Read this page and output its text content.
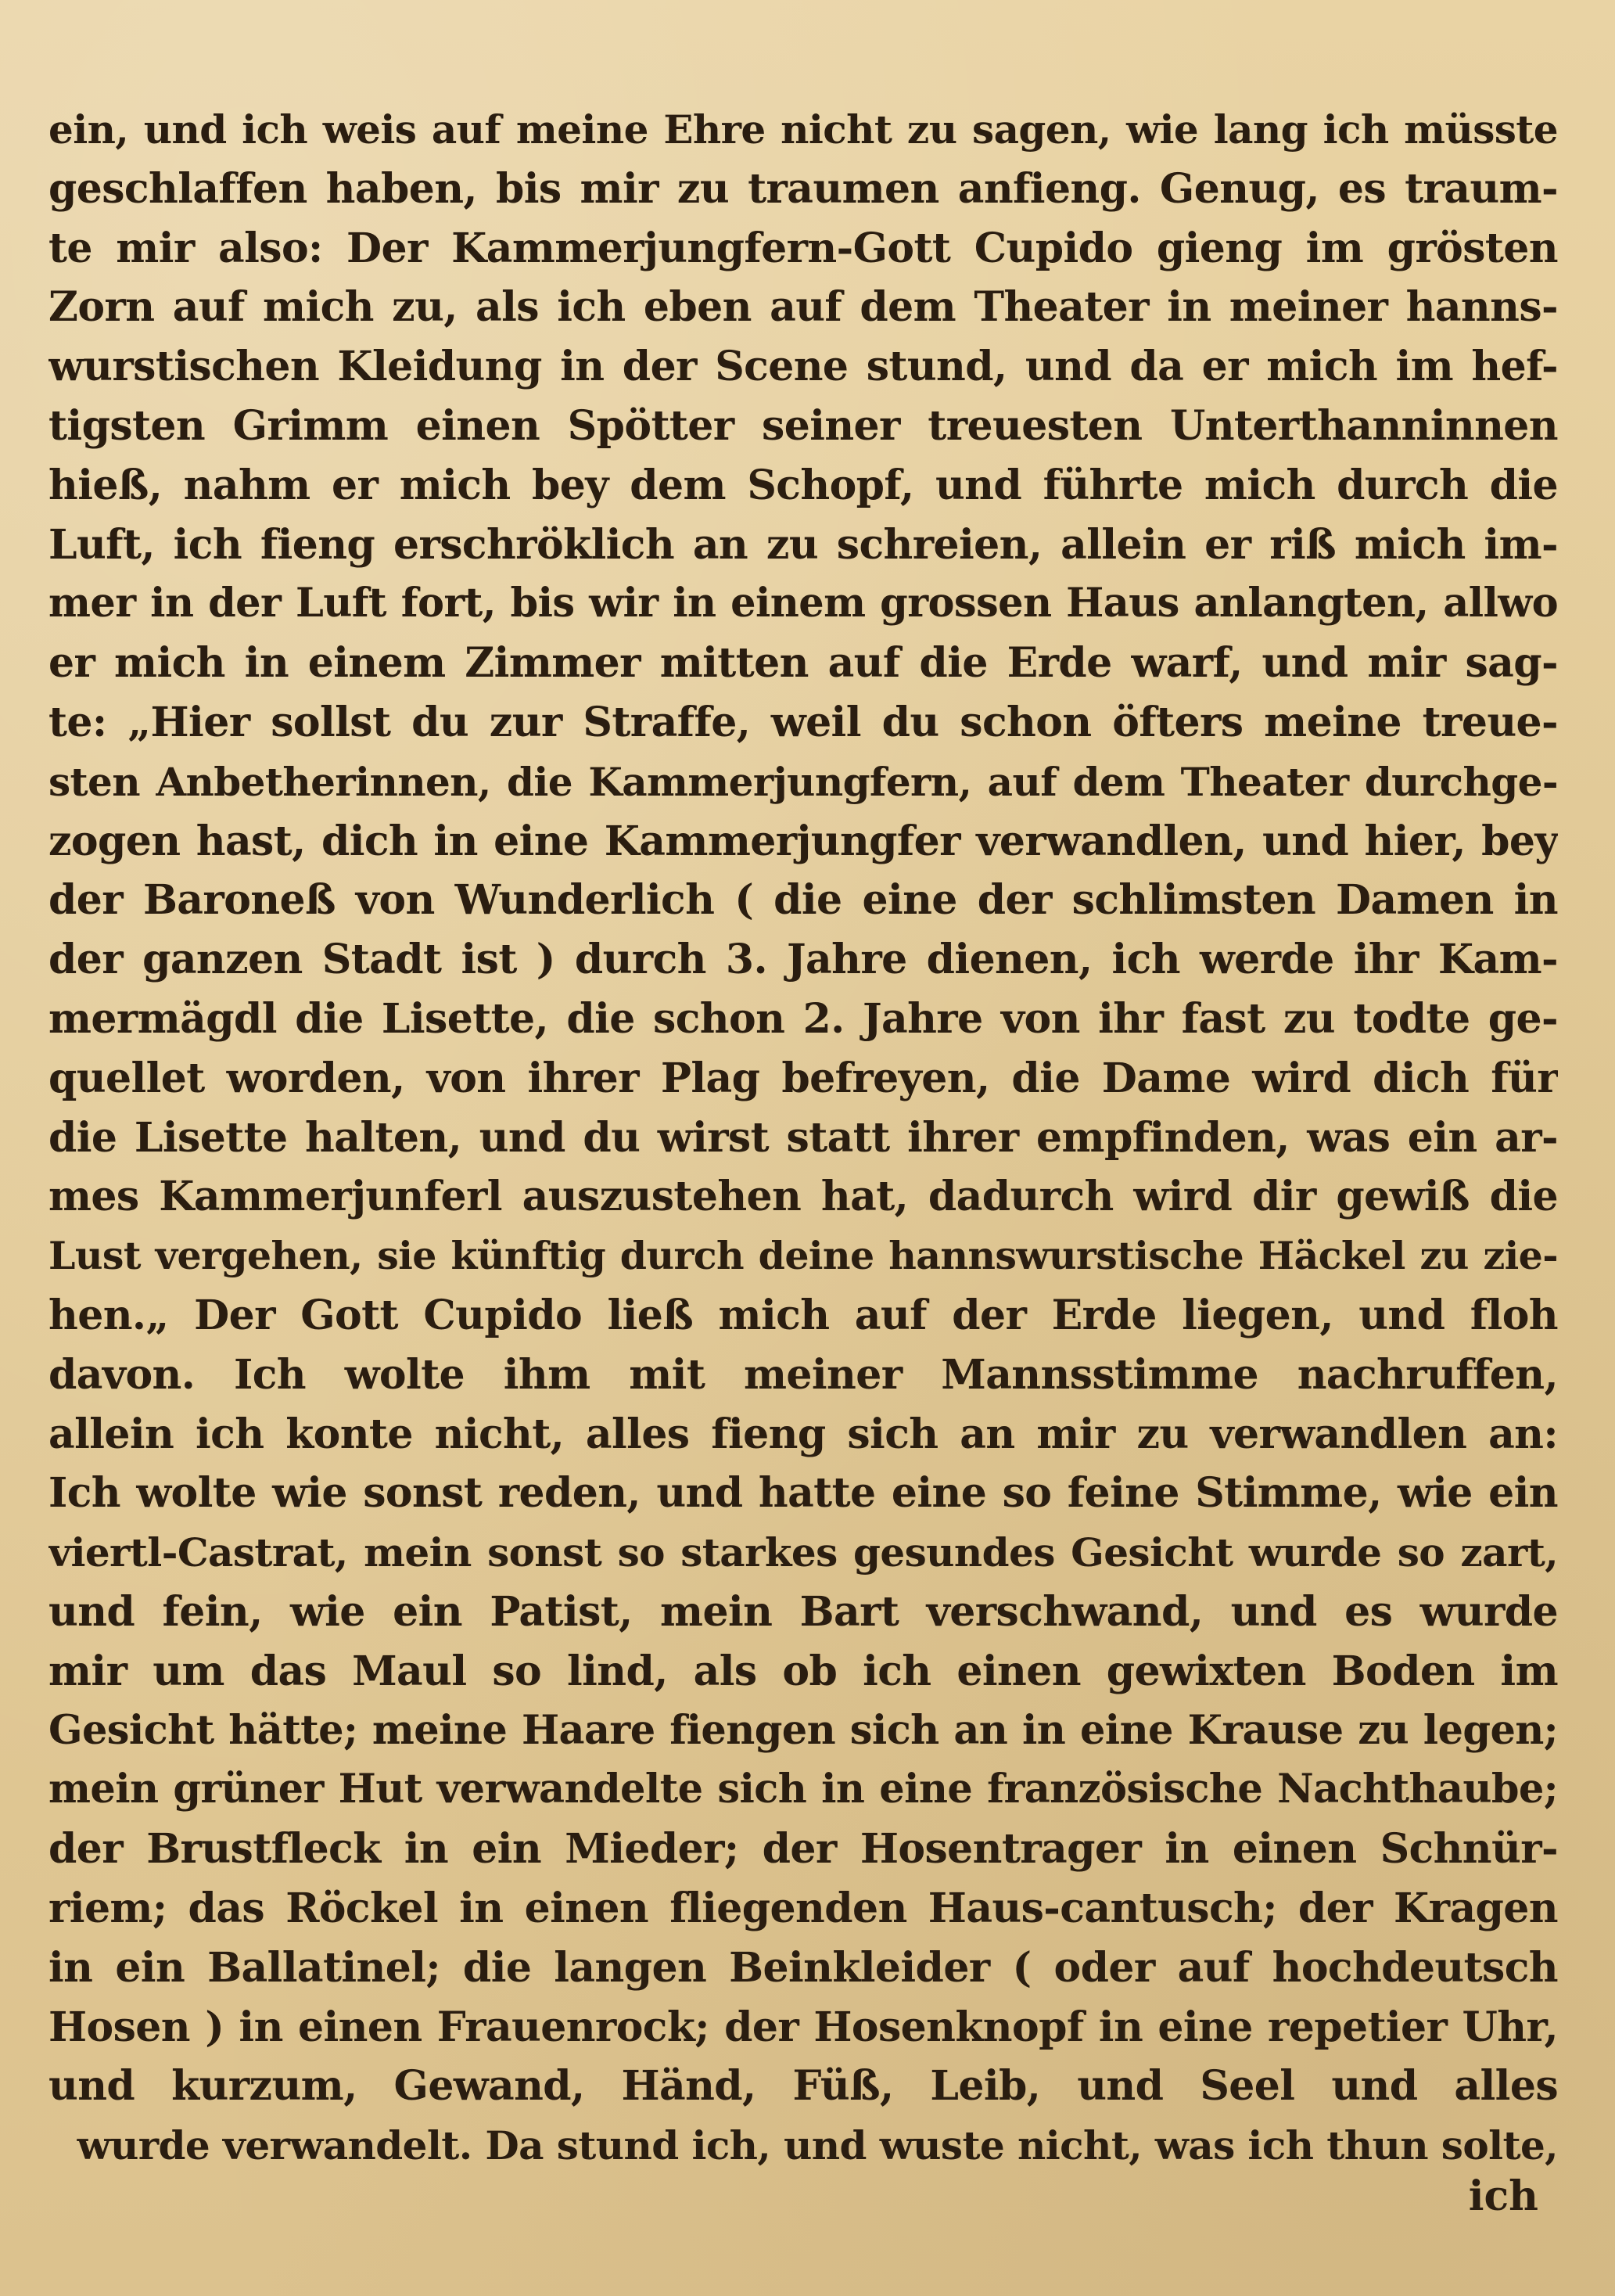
ein, und ich weis auf meine Ehre nicht zu sagen, wie lang ich müsste
geschlaffen haben, bis mir zu traumen anfieng. Genug, es traum-
te mir also: Der Kammerjungfern-Gott Cupido gieng im grösten
Zorn auf mich zu, als ich eben auf dem Theater in meiner hanns-
wurstischen Kleidung in der Scene stund, und da er mich im hef-
tigsten Grimm einen Spötter seiner treuesten Unterthanninnen
hieß, nahm er mich bey dem Schopf, und führte mich durch die
Luft, ich fieng erschröklich an zu schreien, allein er riß mich im-
mer in der Luft fort, bis wir in einem grossen Haus anlangten, allwo
er mich in einem Zimmer mitten auf die Erde warf, und mir sag-
te: „Hier sollst du zur Straffe, weil du schon öfters meine treue-
sten Anbetherinnen, die Kammerjungfern, auf dem Theater durchge-
zogen hast, dich in eine Kammerjungfer verwandlen, und hier, bey
der Baroneß von Wunderlich ( die eine der schlimsten Damen in
der ganzen Stadt ist ) durch 3. Jahre dienen, ich werde ihr Kam-
mermägdl die Lisette, die schon 2. Jahre von ihr fast zu todte ge-
quellet worden, von ihrer Plag befreyen, die Dame wird dich für
die Lisette halten, und du wirst statt ihrer empfinden, was ein ar-
mes Kammerjunferl auszustehen hat, dadurch wird dir gewiß die
Lust vergehen, sie künftig durch deine hannswurstische Häckel zu zie-
hen.„ Der Gott Cupido ließ mich auf der Erde liegen, und floh
davon. Ich wolte ihm mit meiner Mannsstimme nachruffen,
allein ich konte nicht, alles fieng sich an mir zu verwandlen an:
Ich wolte wie sonst reden, und hatte eine so feine Stimme, wie ein
viertl-Castrat, mein sonst so starkes gesundes Gesicht wurde so zart,
und fein, wie ein Patist, mein Bart verschwand, und es wurde
mir um das Maul so lind, als ob ich einen gewixten Boden im
Gesicht hätte; meine Haare fiengen sich an in eine Krause zu legen;
mein grüner Hut verwandelte sich in eine französische Nachthaube;
der Brustfleck in ein Mieder; der Hosentrager in einen Schnür-
riem; das Röckel in einen fliegenden Haus-cantusch; der Kragen
in ein Ballatinel; die langen Beinkleider ( oder auf hochdeutsch
Hosen ) in einen Frauenrock; der Hosenknopf in eine repetier Uhr,
und kurzum, Gewand, Händ, Füß, Leib, und Seel und alles
wurde verwandelt. Da stund ich, und wuste nicht, was ich thun solte,
ich
